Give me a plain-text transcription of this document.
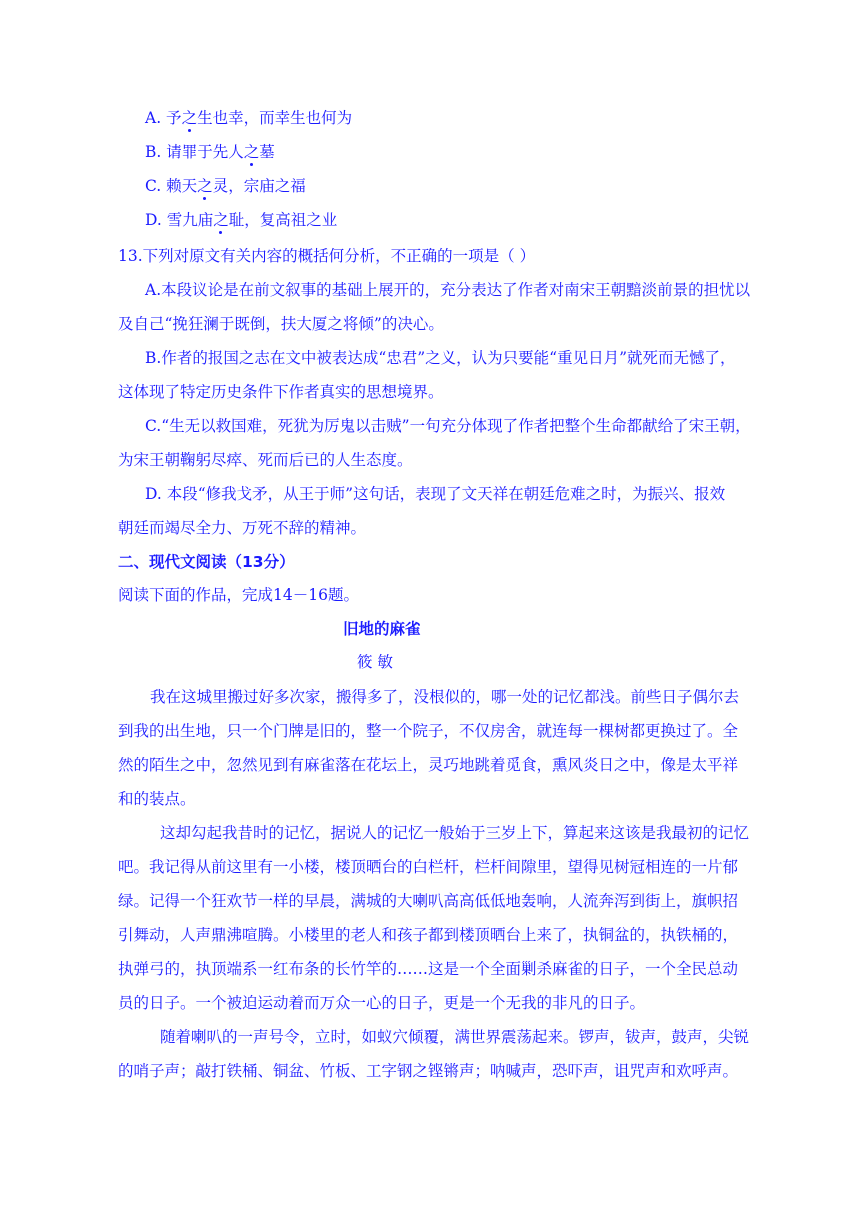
A. 予之生也幸，而幸生也何为
B. 请罪于先人之墓
C. 赖天之灵，宗庙之福
D. 雪九庙之耻，复高祖之业
13.下列对原文有关内容的概括何分析，不正确的一项是（ ）
A.本段议论是在前文叙事的基础上展开的，充分表达了作者对南宋王朝黯淡前景的担忧以
及自己“挽狂澜于既倒，扶大厦之将倾”的决心。
B.作者的报国之志在文中被表达成“忠君”之义，认为只要能“重见日月”就死而无憾了，
这体现了特定历史条件下作者真实的思想境界。
C.“生无以救国难，死犹为厉鬼以击贼”一句充分体现了作者把整个生命都献给了宋王朝，
为宋王朝鞠躬尽瘁、死而后已的人生态度。
D. 本段“修我戈矛，从王于师”这句话，表现了文天祥在朝廷危难之时，为振兴、报效
朝廷而竭尽全力、万死不辞的精神。
二、现代文阅读（13分）
阅读下面的作品，完成14－16题。
旧地的麻雀
筱 敏
我在这城里搬过好多次家，搬得多了，没根似的，哪一处的记忆都浅。前些日子偶尔去
到我的出生地，只一个门牌是旧的，整一个院子，不仅房舍，就连每一棵树都更换过了。全
然的陌生之中，忽然见到有麻雀落在花坛上，灵巧地跳着觅食，熏风炎日之中，像是太平祥
和的装点。
这却勾起我昔时的记忆，据说人的记忆一般始于三岁上下，算起来这该是我最初的记忆
吧。我记得从前这里有一小楼，楼顶晒台的白栏杆，栏杆间隙里，望得见树冠相连的一片郁
绿。记得一个狂欢节一样的早晨，满城的大喇叭高高低低地轰响，人流奔泻到街上，旗帜招
引舞动，人声鼎沸喧腾。小楼里的老人和孩子都到楼顶晒台上来了，执铜盆的，执铁桶的，
执弹弓的，执顶端系一红布条的长竹竿的……这是一个全面剿杀麻雀的日子，一个全民总动
员的日子。一个被迫运动着而万众一心的日子，更是一个无我的非凡的日子。
随着喇叭的一声号令，立时，如蚁穴倾覆，满世界震荡起来。锣声，钹声，鼓声，尖锐
的哨子声；敲打铁桶、铜盆、竹板、工字钢之铿锵声；呐喊声，恐吓声，诅咒声和欢呼声。
